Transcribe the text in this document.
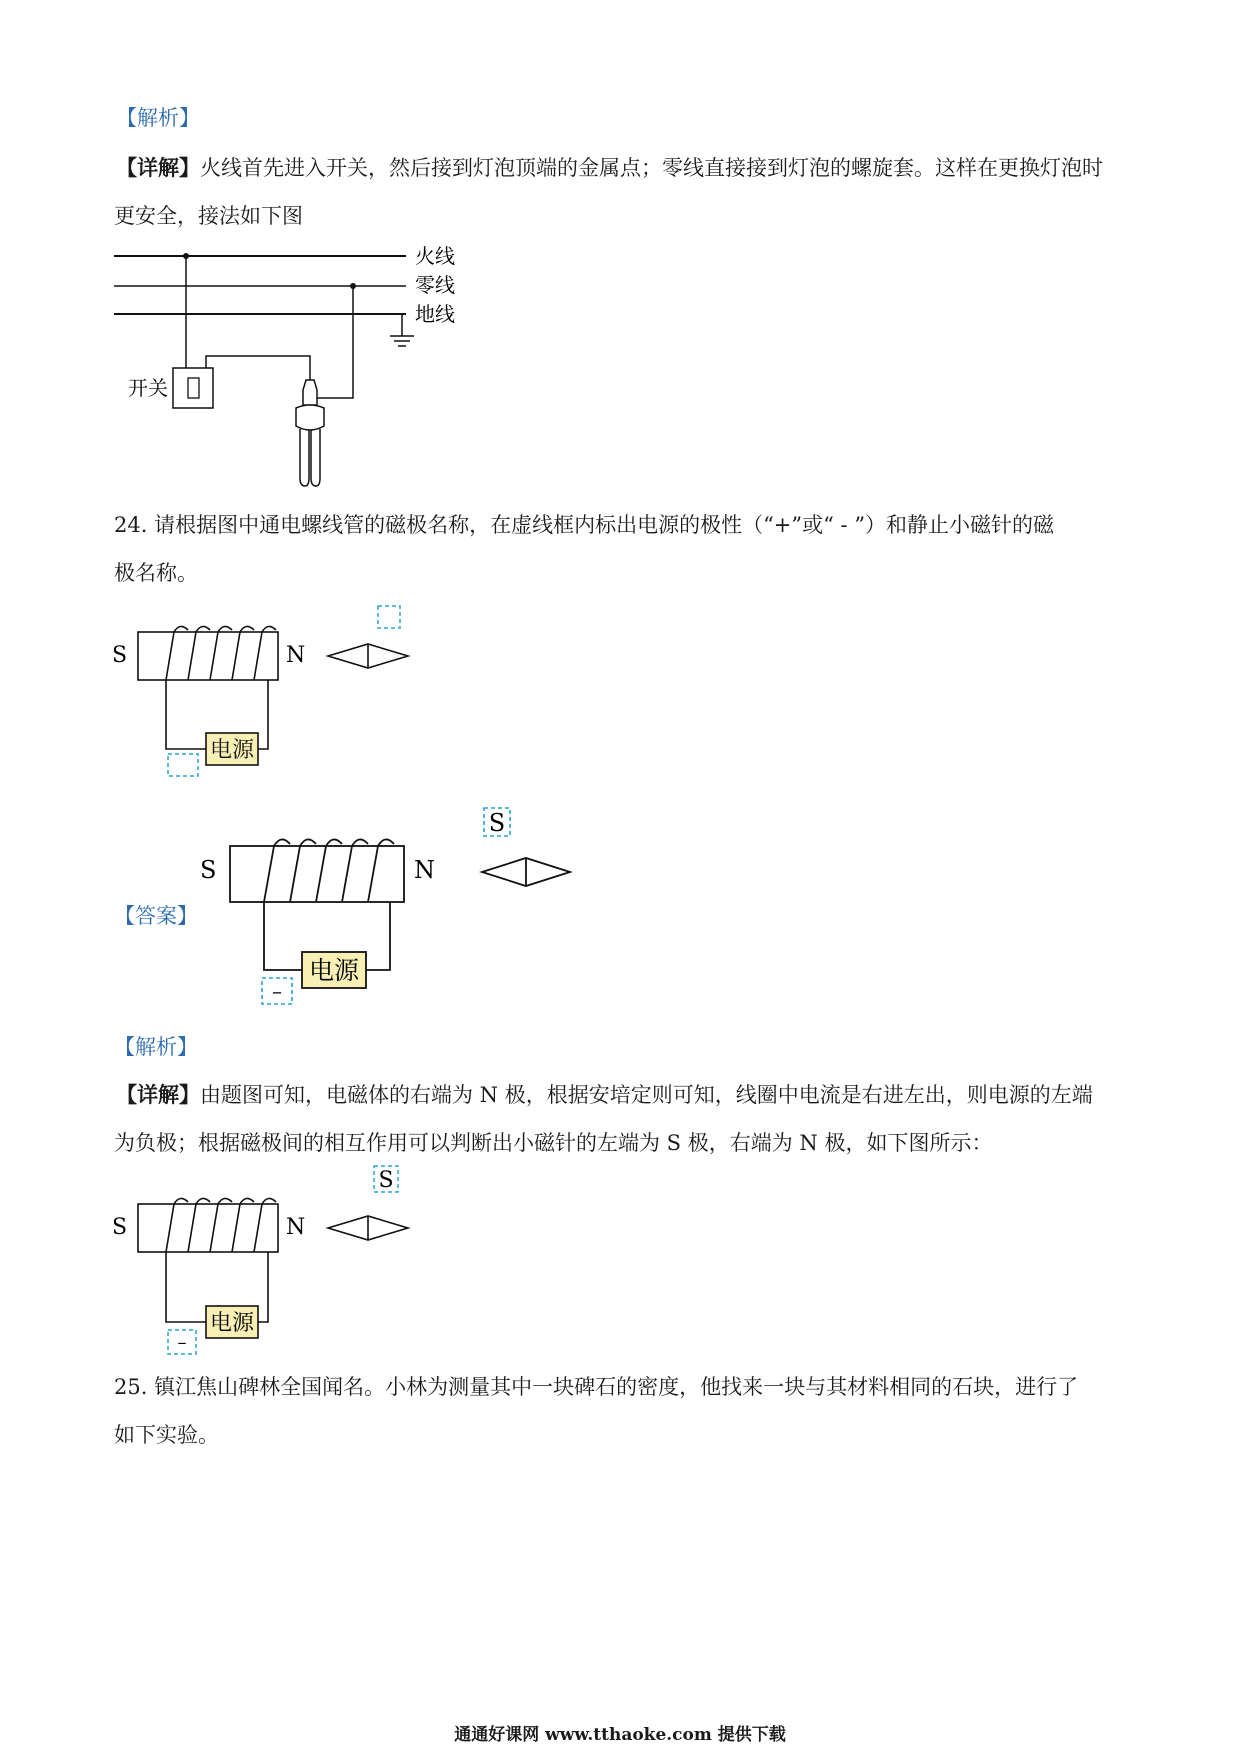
【解析】
【详解】火线首先进入开关，然后接到灯泡顶端的金属点；零线直接接到灯泡的螺旋套。这样在更换灯泡时
更安全，接法如下图
火线
零线
地线
开关
24. 请根据图中通电螺线管的磁极名称，在虚线框内标出电源的极性（“+”或“ - ”）和静止小磁针的磁
极名称。
S	N
电源
【答案】
S	N
S
电源
–
【解析】
【详解】由题图可知，电磁体的右端为 N 极，根据安培定则可知，线圈中电流是右进左出，则电源的左端
为负极；根据磁极间的相互作用可以判断出小磁针的左端为 S 极，右端为 N 极，如下图所示：
S	N
S
电源
–
25. 镇江焦山碑林全国闻名。小林为测量其中一块碑石的密度，他找来一块与其材料相同的石块，进行了
如下实验。
通通好课网 www.tthaoke.com 提供下载
